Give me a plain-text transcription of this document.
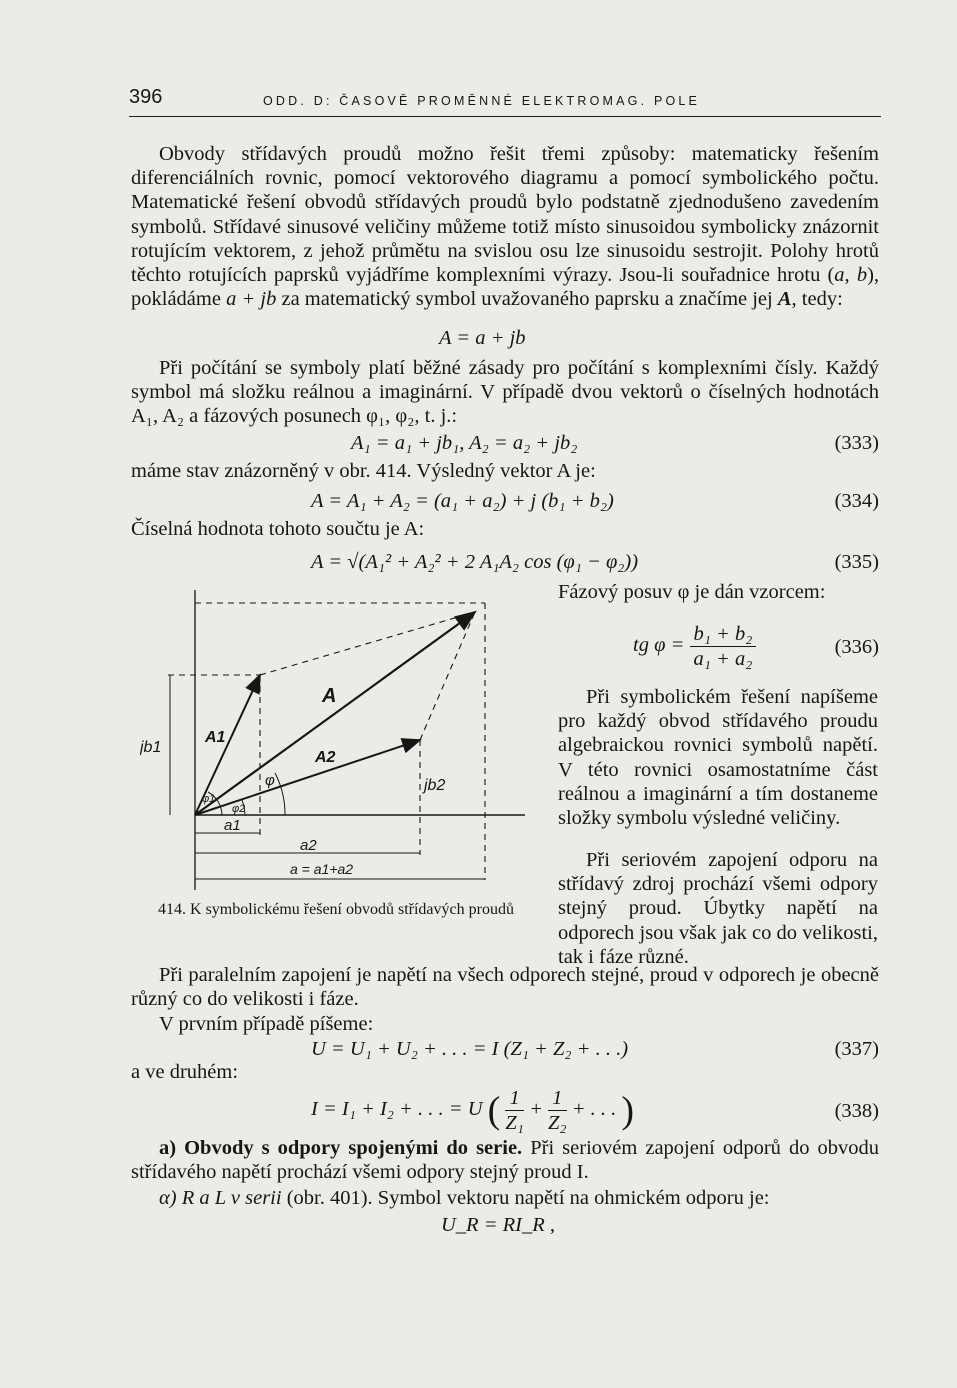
396	ODD. D: ČASOVĚ PROMĚNNÉ ELEKTROMAG. POLE
Obvody střídavých proudů možno řešit třemi způsoby: matematicky řešením diferenciálních rovnic, pomocí vektorového diagramu a pomocí symbolického počtu. Matematické řešení obvodů střídavých proudů bylo podstatně zjednodušeno zavedením symbolů. Střídavé sinusové veličiny můžeme totiž místo sinusoidou symbolicky znázornit rotujícím vektorem, z jehož průmětu na svislou osu lze sinusoidu sestrojit. Polohy hrotů těchto rotujících paprsků vyjádříme komplexními výrazy. Jsou-li souřadnice hrotu (a, b), pokládáme a + jb za matematický symbol uvažovaného paprsku a značíme jej A, tedy:
A = a + jb
Při počítání se symboly platí běžné zásady pro počítání s komplexními čísly. Každý symbol má složku reálnou a imaginární. V případě dvou vektorů o číselných hodnotách A₁, A₂ a fázových posunech φ₁, φ₂, t. j.:
A₁ = a₁ + jb₁, A₂ = a₂ + jb₂	(333)
máme stav znázorněný v obr. 414. Výsledný vektor A je:
A = A₁ + A₂ = (a₁ + a₂) + j (b₁ + b₂)	(334)
Číselná hodnota tohoto součtu je A:
A = √(A₁² + A₂² + 2 A₁A₂ cos (φ₁ − φ₂))	(335)
Fázový posuv φ je dán vzorcem:
tg $\varphi = \frac{\text{b₁ + b₂}}{\text{a₁ + a₂}}$	(336)
Při symbolickém řešení napíšeme pro každý obvod střídavého proudu algebraickou rovnici symbolů napětí. V této rovnici osamostatníme část reálnou a imaginární a tím dostaneme složky symbolu výsledné veličiny.
Při seriovém zapojení odporu na střídavý zdroj prochází všemi odpory stejný proud. Úbytky napětí na odporech jsou však jak co do velikosti, tak i fáze různé.
A
A1
A2
φ
φ1
φ2
jb1
jb2
a1
a2
a = a1+a2
414. K symbolickému řešení obvodů střídavých proudů
Při paralelním zapojení je napětí na všech odporech stejné, proud v odporech je obecně různý co do velikosti i fáze.
V prvním případě píšeme:
U = U₁ + U₂ + . . . = I (Z₁ + Z₂ + . . .)	(337)
a ve druhém:
I = I₁ + I₂ + . . . = U ( $\frac{1}{\text{Z₁}} + \frac{1}{\text{Z₂}}$ + . . . )	(338)
a) Obvody s odpory spojenými do serie. Při seriovém zapojení odporů do obvodu střídavého napětí prochází všemi odpory stejný proud I.
α) R a L v serii (obr. 401). Symbol vektoru napětí na ohmickém odporu je:
U_R = RI_R ,
